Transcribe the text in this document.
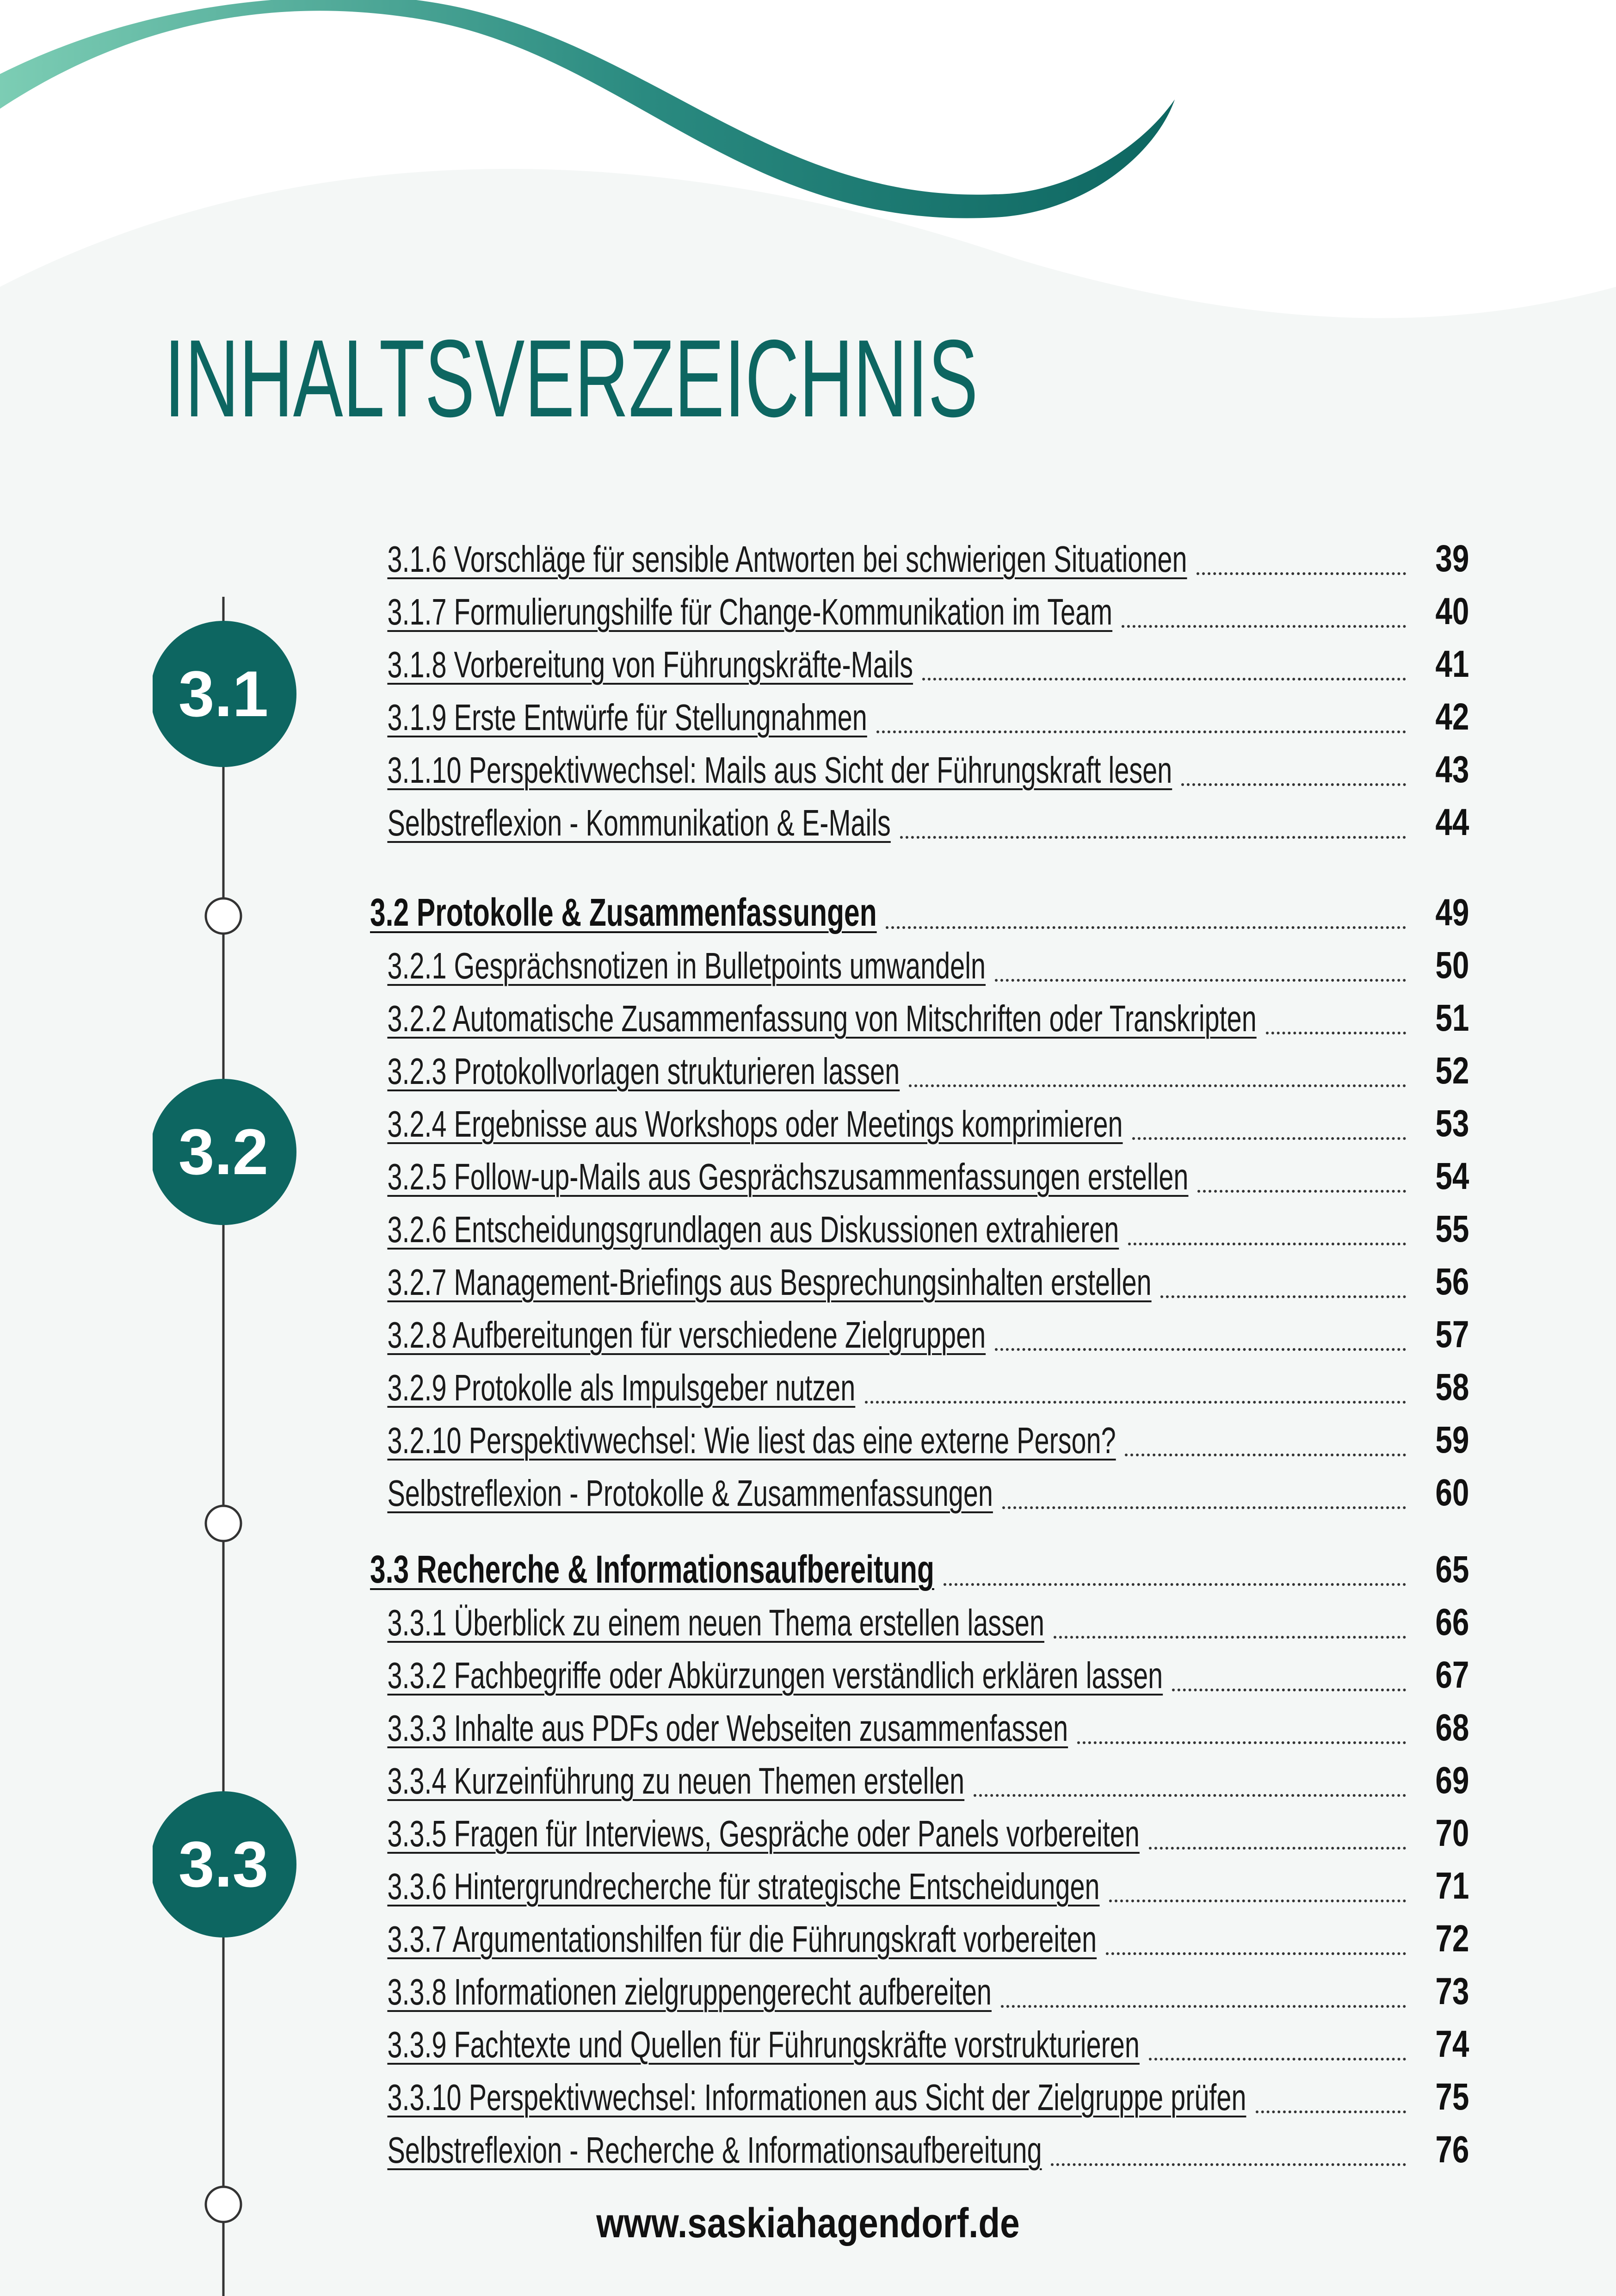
INHALTSVERZEICHNIS
3.1
3.2
3.3
3.1.6 Vorschläge für sensible Antworten bei schwierigen Situationen	39
3.1.7 Formulierungshilfe für Change-Kommunikation im Team	40
3.1.8 Vorbereitung von Führungskräfte-Mails	41
3.1.9 Erste Entwürfe für Stellungnahmen	42
3.1.10 Perspektivwechsel: Mails aus Sicht der Führungskraft lesen	43
Selbstreflexion - Kommunikation & E-Mails	44
3.2 Protokolle & Zusammenfassungen	49
3.2.1 Gesprächsnotizen in Bulletpoints umwandeln	50
3.2.2 Automatische Zusammenfassung von Mitschriften oder Transkripten	51
3.2.3 Protokollvorlagen strukturieren lassen	52
3.2.4 Ergebnisse aus Workshops oder Meetings komprimieren	53
3.2.5 Follow-up-Mails aus Gesprächszusammenfassungen erstellen	54
3.2.6 Entscheidungsgrundlagen aus Diskussionen extrahieren	55
3.2.7 Management-Briefings aus Besprechungsinhalten erstellen	56
3.2.8 Aufbereitungen für verschiedene Zielgruppen	57
3.2.9 Protokolle als Impulsgeber nutzen	58
3.2.10 Perspektivwechsel: Wie liest das eine externe Person?	59
Selbstreflexion - Protokolle & Zusammenfassungen	60
3.3 Recherche & Informationsaufbereitung	65
3.3.1 Überblick zu einem neuen Thema erstellen lassen	66
3.3.2 Fachbegriffe oder Abkürzungen verständlich erklären lassen	67
3.3.3 Inhalte aus PDFs oder Webseiten zusammenfassen	68
3.3.4 Kurzeinführung zu neuen Themen erstellen	69
3.3.5 Fragen für Interviews, Gespräche oder Panels vorbereiten	70
3.3.6 Hintergrundrecherche für strategische Entscheidungen	71
3.3.7 Argumentationshilfen für die Führungskraft vorbereiten	72
3.3.8 Informationen zielgruppengerecht aufbereiten	73
3.3.9 Fachtexte und Quellen für Führungskräfte vorstrukturieren	74
3.3.10 Perspektivwechsel: Informationen aus Sicht der Zielgruppe prüfen	75
Selbstreflexion - Recherche & Informationsaufbereitung	76
www.saskiahagendorf.de
